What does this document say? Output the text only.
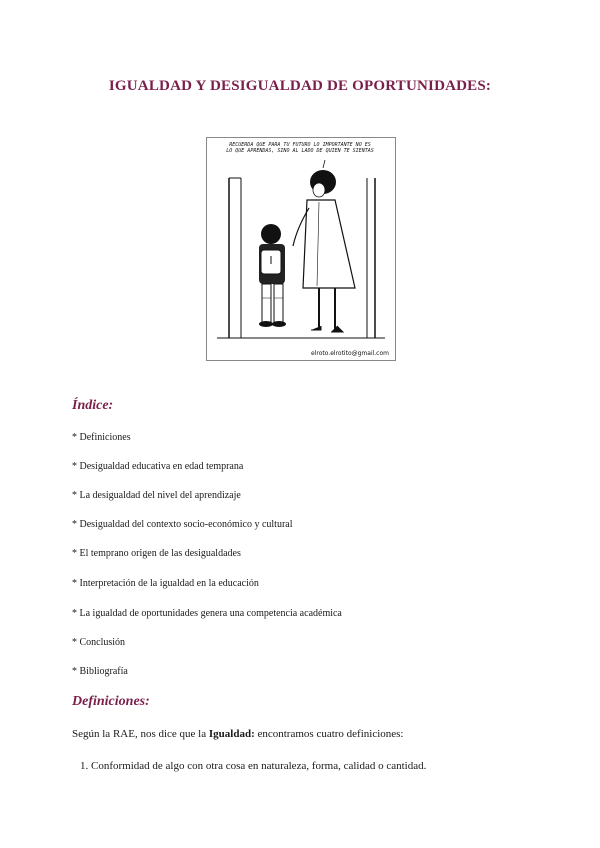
IGUALDAD Y DESIGUALDAD DE OPORTUNIDADES:
RECUERDA QUE PARA TU FUTURO LO IMPORTANTE NO ES
LO QUE APRENDAS, SINO AL LADO DE QUIEN TE SIENTAS
elroto.elrotito@gmail.com
Índice:
* Definiciones
* Desigualdad educativa en edad temprana
* La desigualdad del nivel del aprendizaje
* Desigualdad del contexto socio-económico y cultural
* El temprano origen de las desigualdades
* Interpretación de la igualdad en la educación
* La igualdad de oportunidades genera una competencia académica
* Conclusión
* Bibliografía
Definiciones:
Según la RAE, nos dice que la Igualdad: encontramos cuatro definiciones:
1. Conformidad de algo con otra cosa en naturaleza, forma, calidad o cantidad.
